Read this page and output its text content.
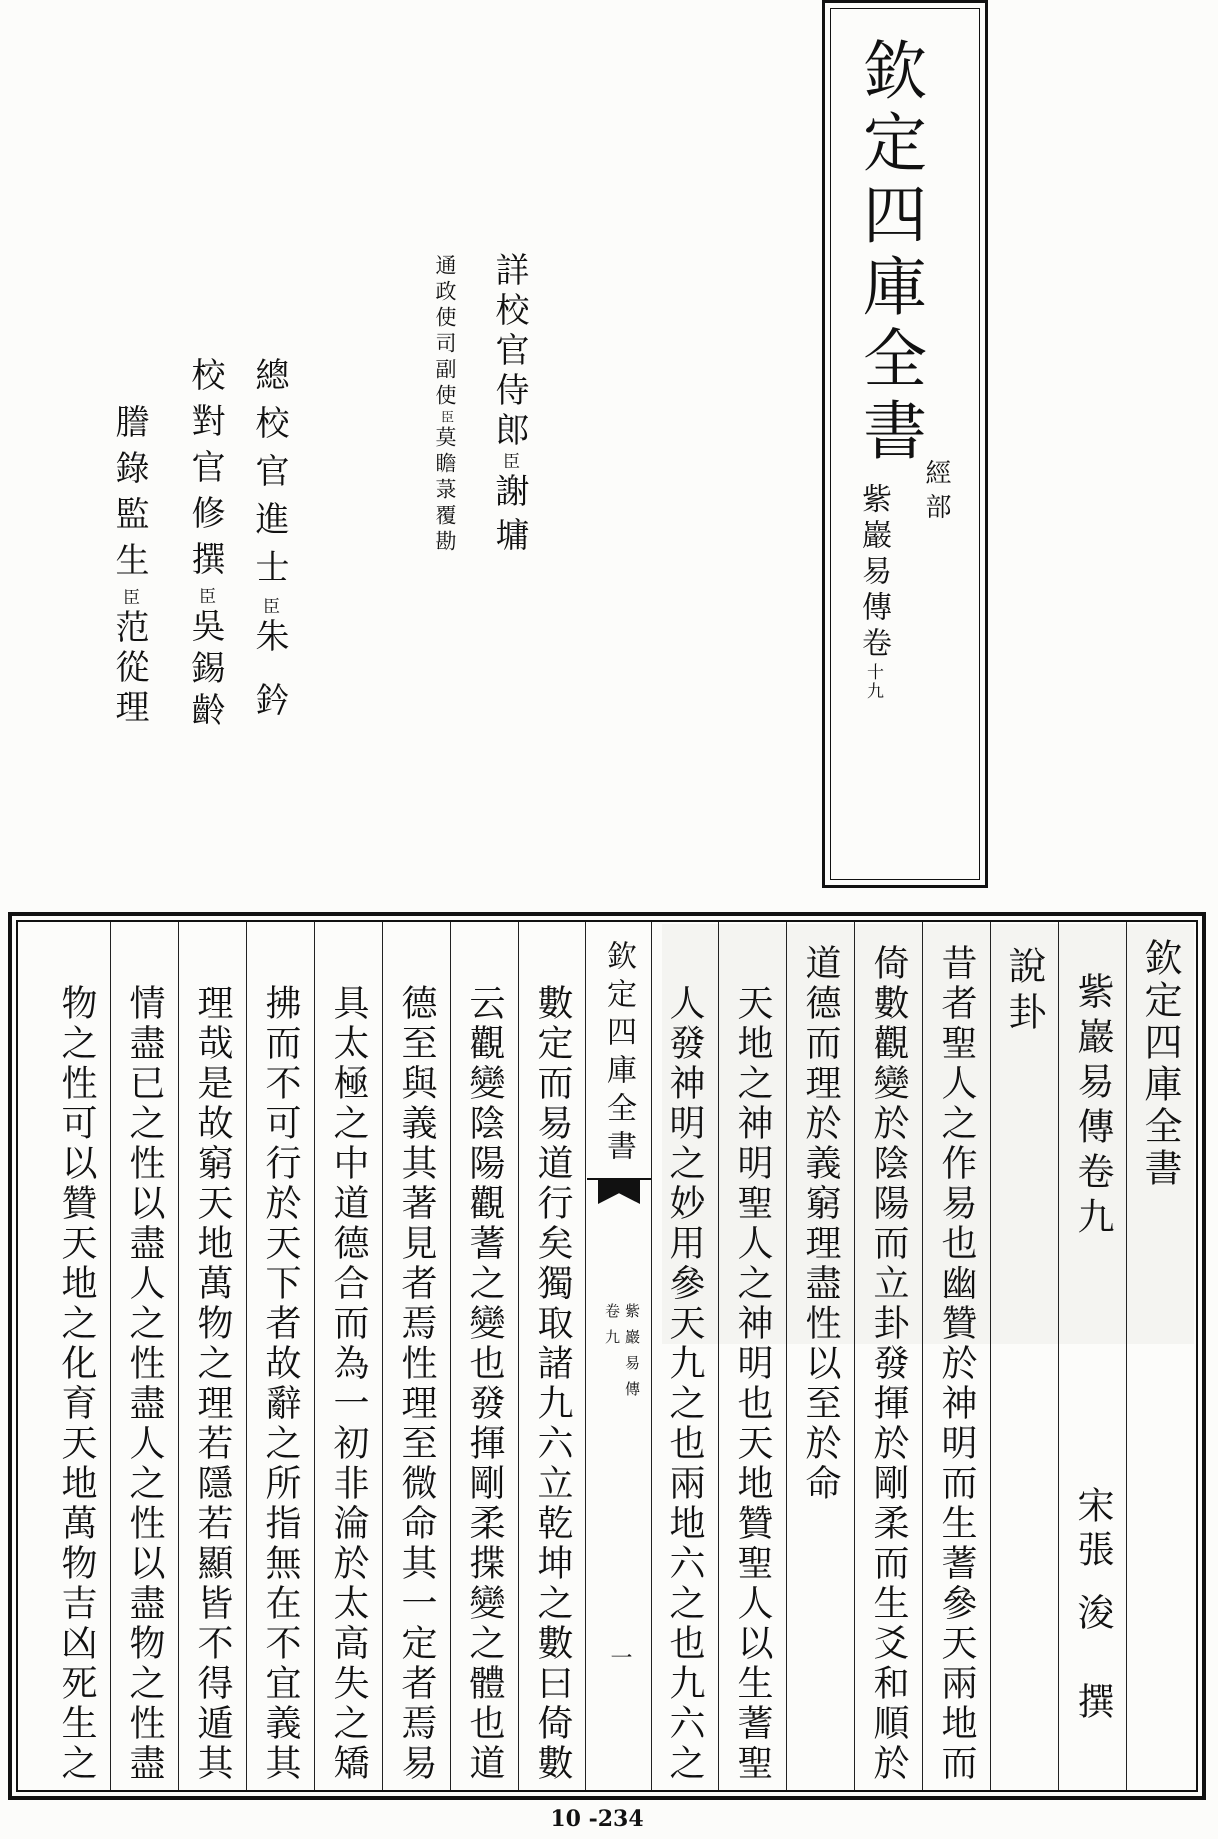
欽定四庫全書
經部
紫巖易傳卷十九
詳校官侍郎臣謝墉
通政使司副使臣莫瞻菉覆勘
總校官進士臣朱鈐
校對官修撰臣吳錫齡
謄錄監生臣范從理
欽定四庫全書
紫巖易傳卷九
宋
張浚
撰
說卦
昔者聖人之作易也幽贊於神明而生蓍參天兩地而
倚數觀變於陰陽而立卦發揮於剛柔而生爻和順於
道德而理於義窮理盡性以至於命
天地之神明聖人之神明也天地贊聖人以生蓍聖
人發神明之妙用參天九之也兩地六之也九六之
欽定四庫全書
紫巖易傳
卷九
一
數定而易道行矣獨取諸九六立乾坤之數曰倚數
云觀變陰陽觀蓍之變也發揮剛柔揲變之體也道
德至與義其著見者焉性理至微命其一定者焉易
具太極之中道德合而為一初非淪於太高失之矯
拂而不可行於天下者故辭之所指無在不宜義其
理哉是故窮天地萬物之理若隱若顯皆不得遁其
情盡已之性以盡人之性盡人之性以盡物之性盡
物之性可以贊天地之化育天地萬物吉凶死生之
10 -234
